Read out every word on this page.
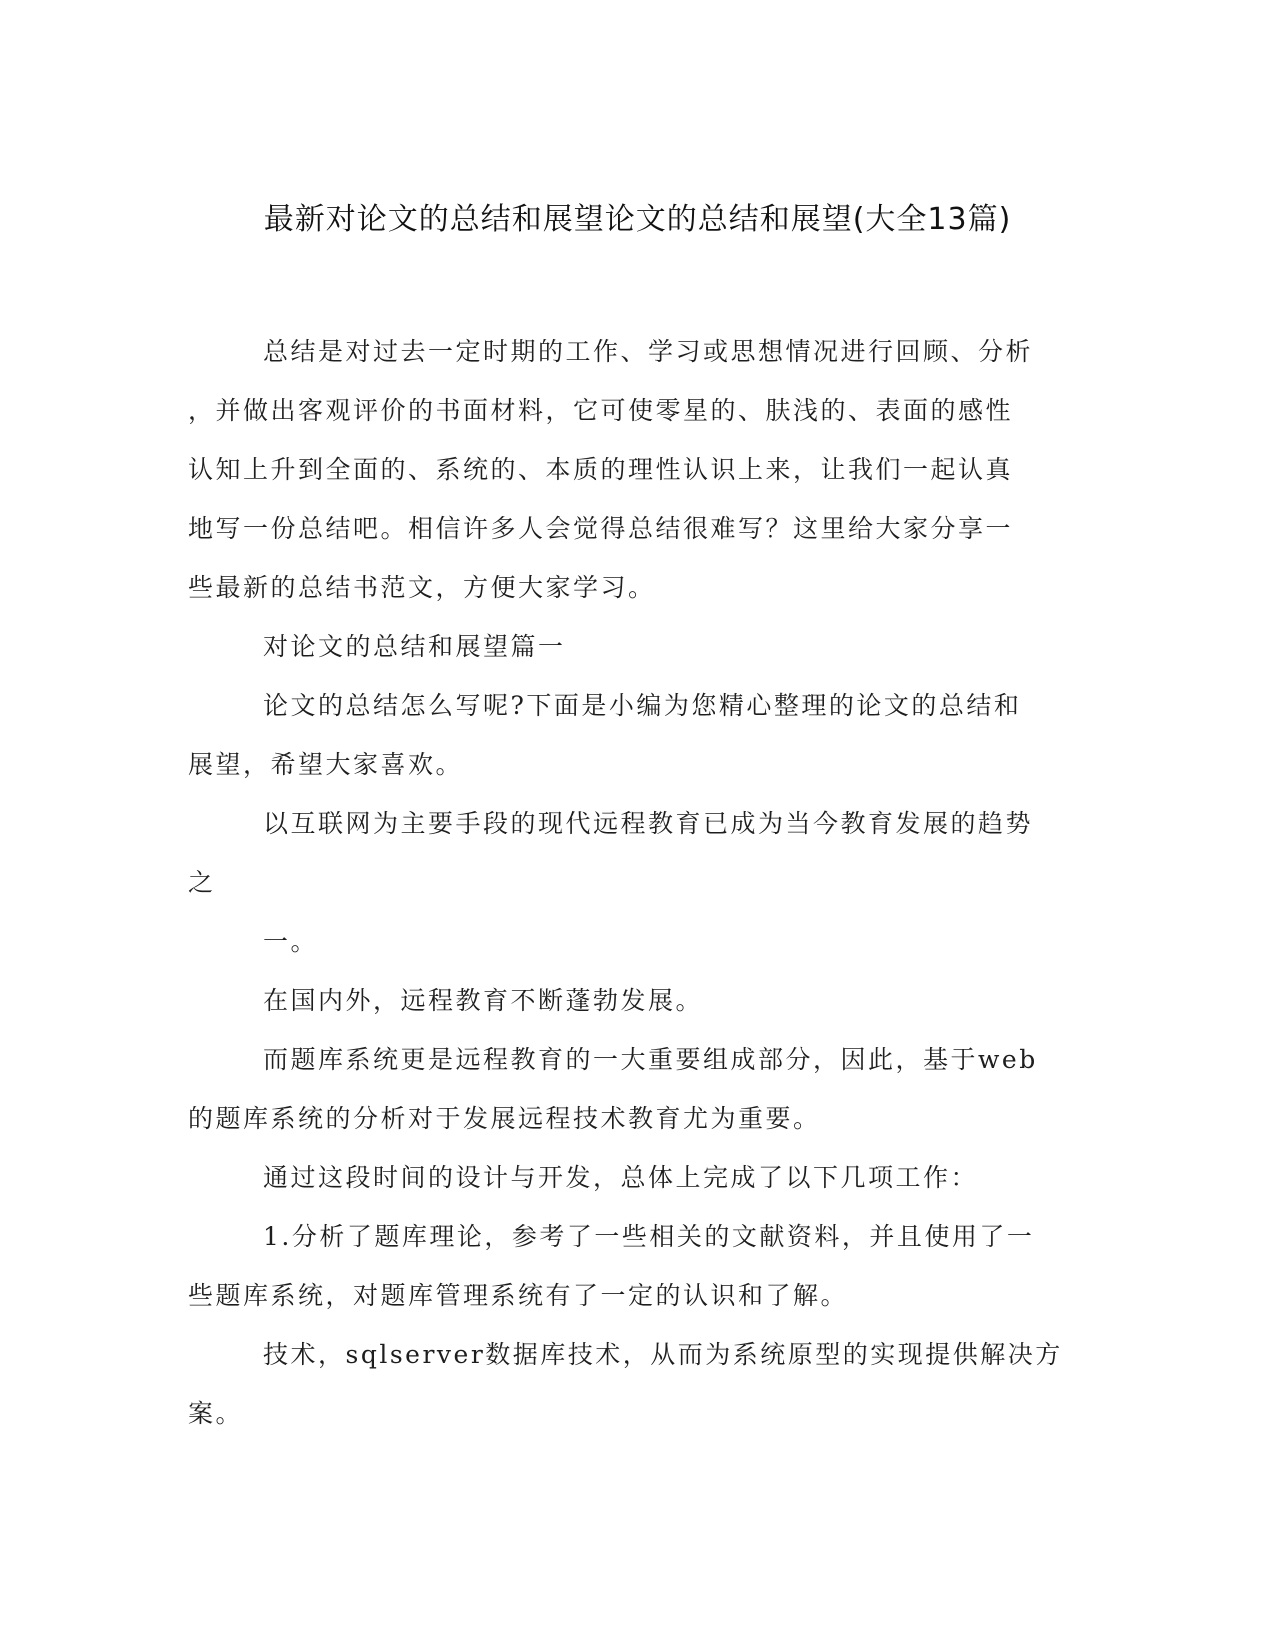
最新对论文的总结和展望论文的总结和展望(大全13篇)
总结是对过去一定时期的工作、学习或思想情况进行回顾、分析
，并做出客观评价的书面材料，它可使零星的、肤浅的、表面的感性
认知上升到全面的、系统的、本质的理性认识上来，让我们一起认真
地写一份总结吧。相信许多人会觉得总结很难写？这里给大家分享一
些最新的总结书范文，方便大家学习。
对论文的总结和展望篇一
论文的总结怎么写呢?下面是小编为您精心整理的论文的总结和
展望，希望大家喜欢。
以互联网为主要手段的现代远程教育已成为当今教育发展的趋势
之
一。
在国内外，远程教育不断蓬勃发展。
而题库系统更是远程教育的一大重要组成部分，因此，基于web
的题库系统的分析对于发展远程技术教育尤为重要。
通过这段时间的设计与开发，总体上完成了以下几项工作：
1.分析了题库理论，参考了一些相关的文献资料，并且使用了一
些题库系统，对题库管理系统有了一定的认识和了解。
技术，sqlserver数据库技术，从而为系统原型的实现提供解决方
案。
